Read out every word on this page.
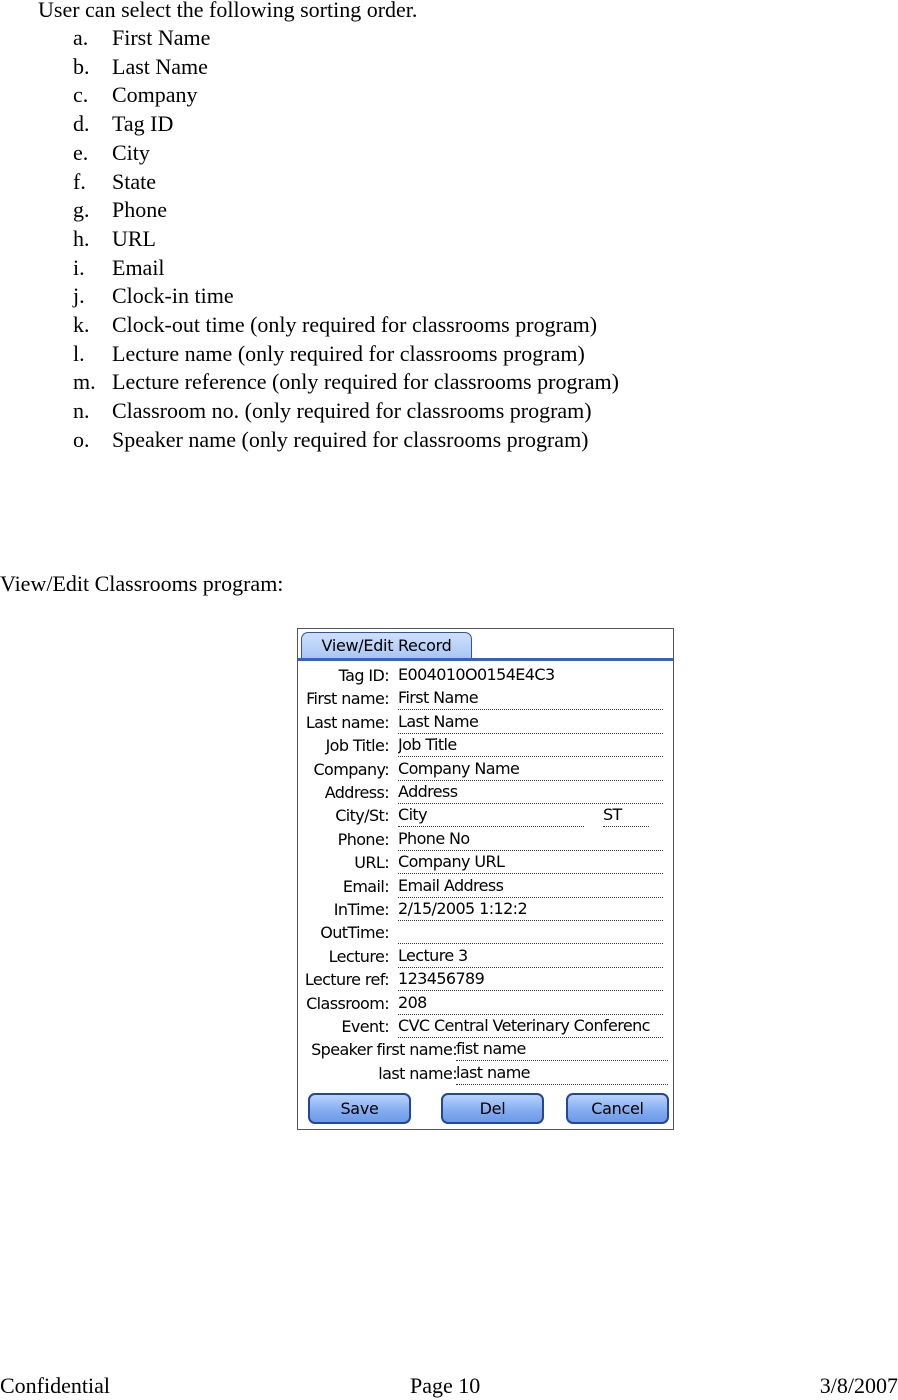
User can select the following sorting order.
a. First Name
b. Last Name
c. Company
d. Tag ID
e. City
f. State
g. Phone
h. URL
i. Email
j. Clock-in time
k. Clock-out time (only required for classrooms program)
l. Lecture name (only required for classrooms program)
m. Lecture reference (only required for classrooms program)
n. Classroom no. (only required for classrooms program)
o. Speaker name (only required for classrooms program)
View/Edit Classrooms program:
View/Edit Record
Tag ID: E004010O0154E4C3
First name: First Name
Last name: Last Name
Job Title: Job Title
Company: Company Name
Address: Address
City/St: City	ST
Phone: Phone No
URL: Company URL
Email: Email Address
InTime: 2/15/2005 1:12:2
OutTime:
Lecture: Lecture 3
Lecture ref: 123456789
Classroom: 208
Event: CVC Central Veterinary Conferenc
Speaker first name: fist name
last name: last name
Save	Del	Cancel
Confidential	Page 10	3/8/2007
